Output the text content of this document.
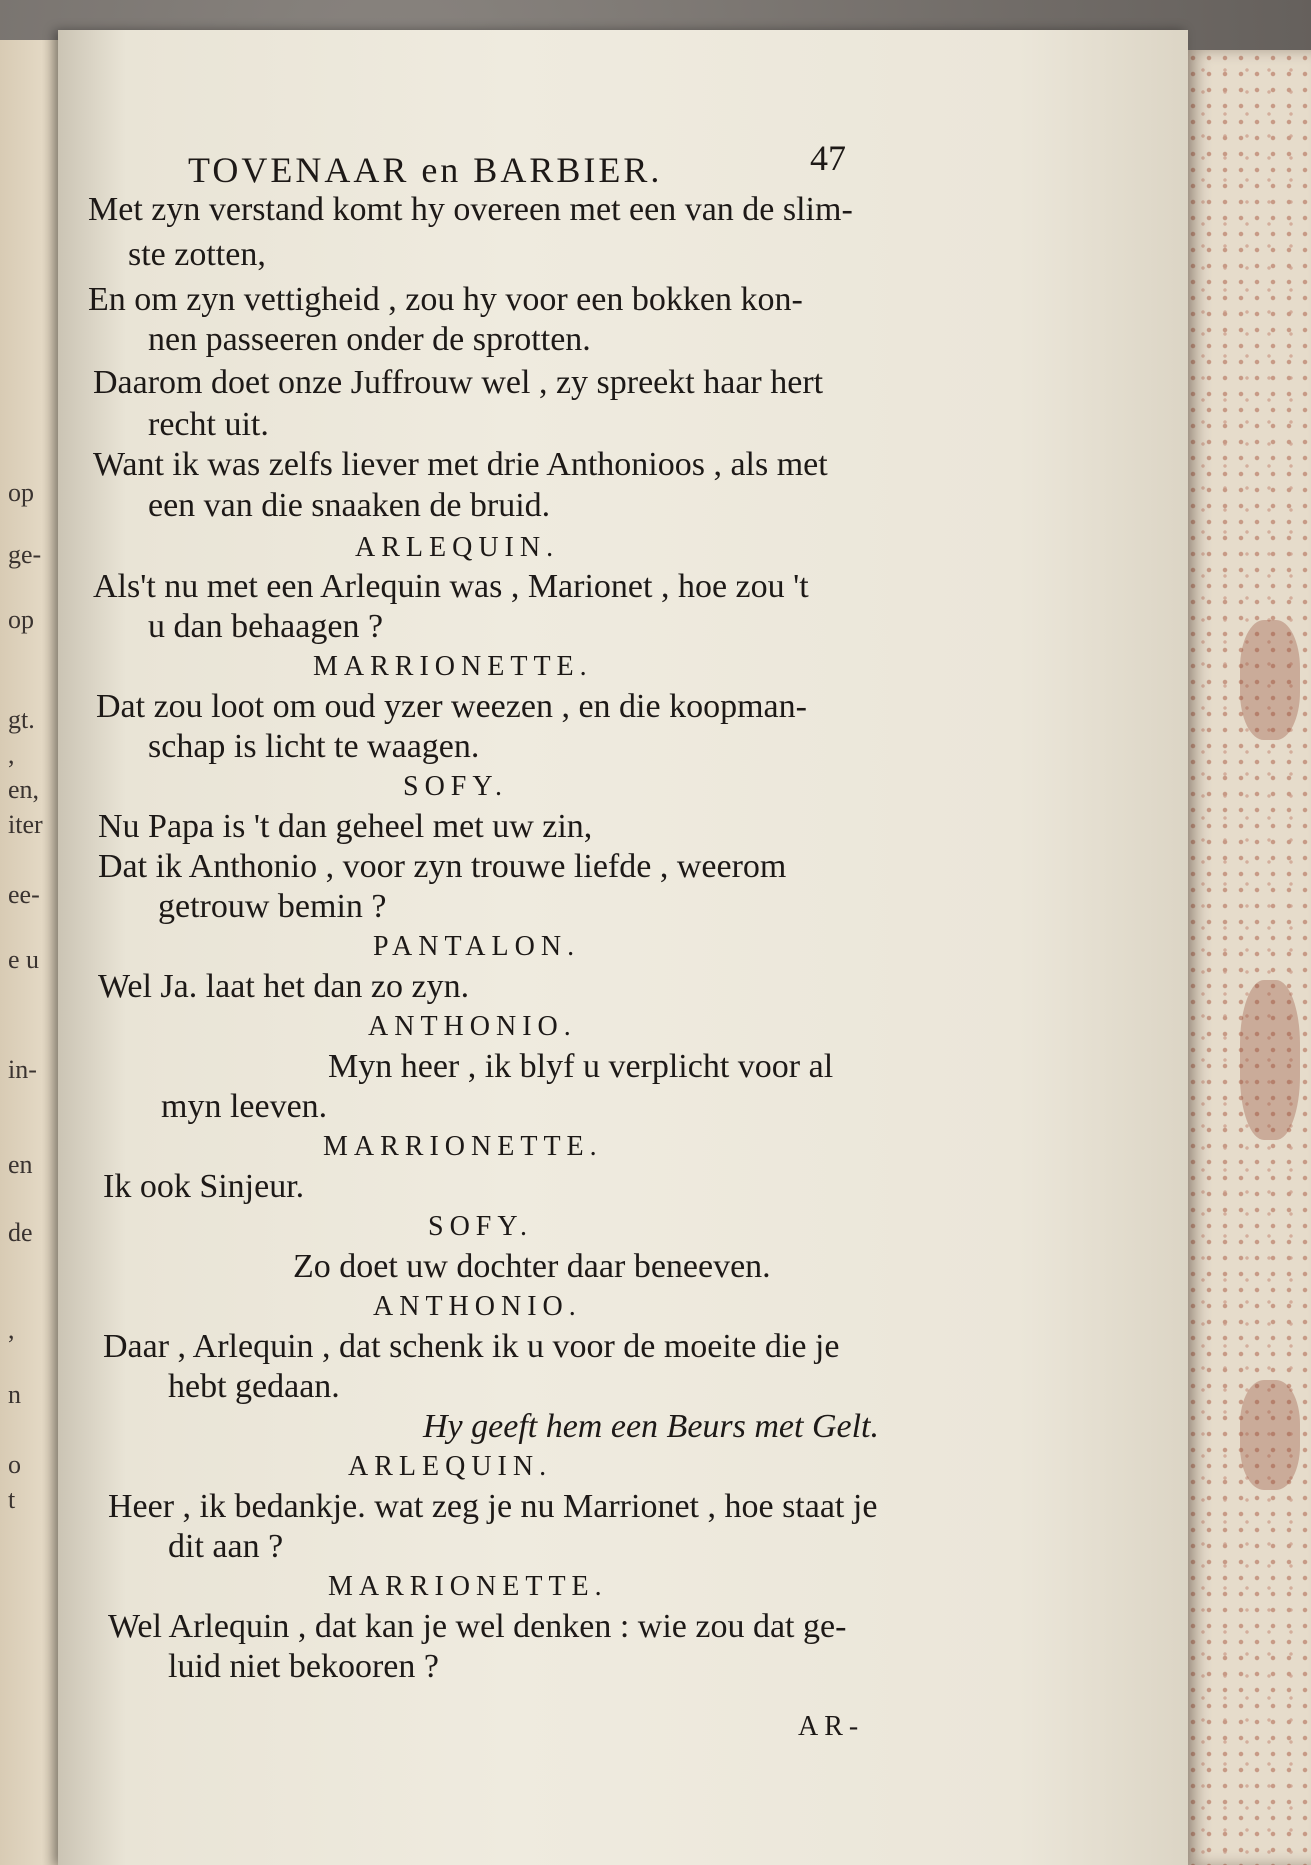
op
ge-
op
gt.
,
en,
iter
ee-
e u
in-
en
de
,
n
o
t
TOVENAAR en BARBIER.	47
Met zyn verstand komt hy overeen met een van de slim-
ste zotten,
En om zyn vettigheid , zou hy voor een bokken kon-
nen passeeren onder de sprotten.
Daarom doet onze Juffrouw wel , zy spreekt haar hert
recht uit.
Want ik was zelfs liever met drie Anthonioos , als met
een van die snaaken de bruid.
ARLEQUIN.
Als't nu met een Arlequin was , Marionet , hoe zou 't
u dan behaagen ?
MARRIONETTE.
Dat zou loot om oud yzer weezen , en die koopman-
schap is licht te waagen.
SOFY.
Nu Papa is 't dan geheel met uw zin,
Dat ik Anthonio , voor zyn trouwe liefde , weerom
getrouw bemin ?
PANTALON.
Wel Ja. laat het dan zo zyn.
ANTHONIO.
Myn heer , ik blyf u verplicht voor al
myn leeven.
MARRIONETTE.
Ik ook Sinjeur.
SOFY.
Zo doet uw dochter daar beneeven.
ANTHONIO.
Daar , Arlequin , dat schenk ik u voor de moeite die je
hebt gedaan.
Hy geeft hem een Beurs met Gelt.
ARLEQUIN.
Heer , ik bedankje. wat zeg je nu Marrionet , hoe staat je
dit aan ?
MARRIONETTE.
Wel Arlequin , dat kan je wel denken : wie zou dat ge-
luid niet bekooren ?
AR-
